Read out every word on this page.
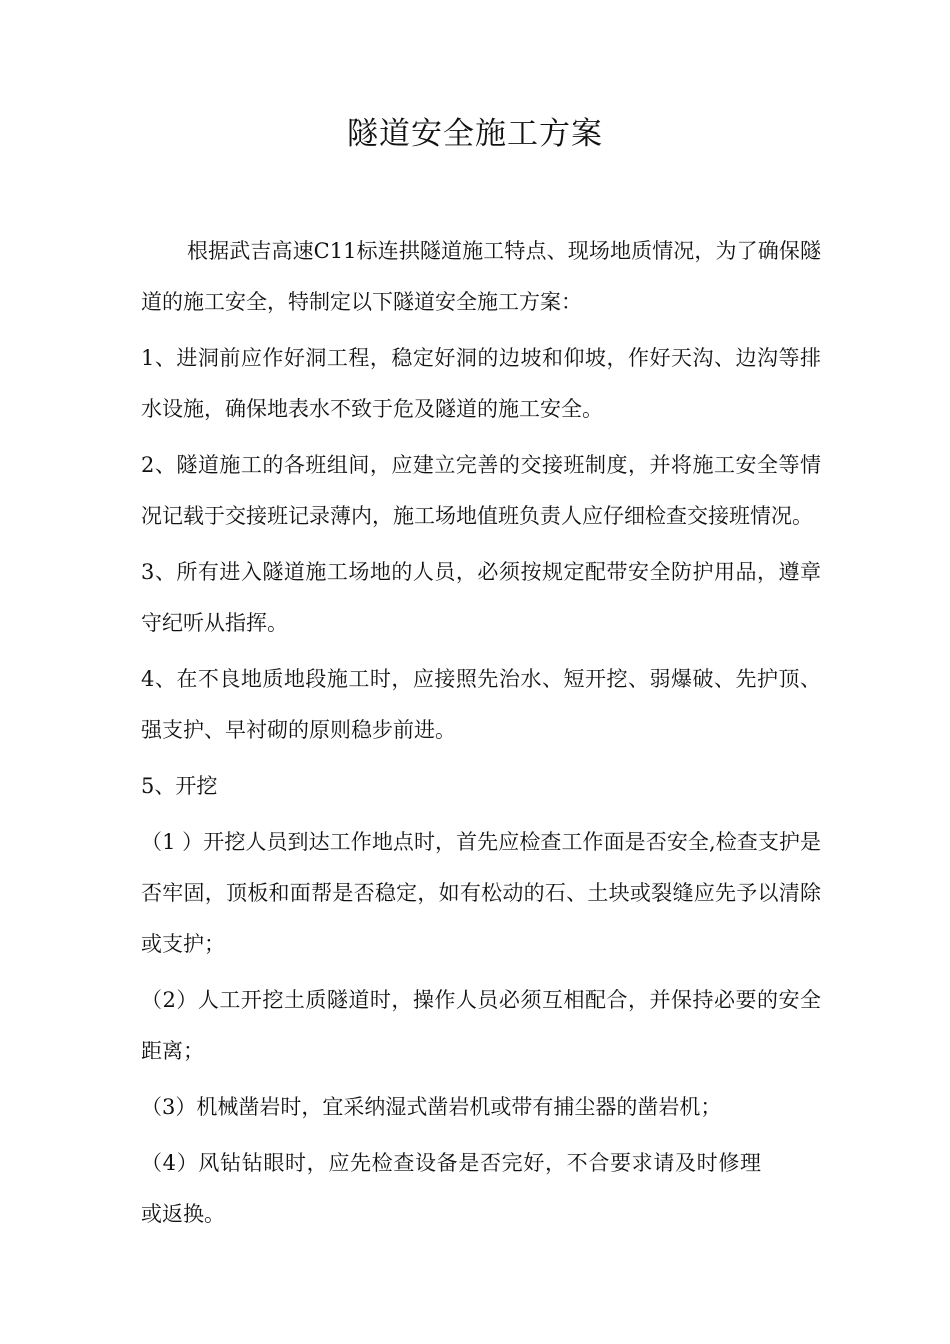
隧道安全施工方案

根据武吉高速C11标连拱隧道施工特点、现场地质情况，为了确保隧道的施工安全，特制定以下隧道安全施工方案：

1、进洞前应作好洞工程，稳定好洞的边坡和仰坡，作好天沟、边沟等排水设施，确保地表水不致于危及隧道的施工安全。

2、隧道施工的各班组间，应建立完善的交接班制度，并将施工安全等情况记载于交接班记录薄内，施工场地值班负责人应仔细检查交接班情况。

3、所有进入隧道施工场地的人员，必须按规定配带安全防护用品，遵章守纪听从指挥。

4、在不良地质地段施工时，应接照先治水、短开挖、弱爆破、先护顶、强支护、早衬砌的原则稳步前进。

5、开挖

（1 ）开挖人员到达工作地点时，首先应检查工作面是否安全,检查支护是否牢固，顶板和面帮是否稳定，如有松动的石、土块或裂缝应先予以清除或支护；

（2）人工开挖土质隧道时，操作人员必须互相配合，并保持必要的安全距离；

（3）机械凿岩时，宜采纳湿式凿岩机或带有捕尘器的凿岩机；

（4）风钻钻眼时，应先检查设备是否完好，不合要求请及时修理或返换。
